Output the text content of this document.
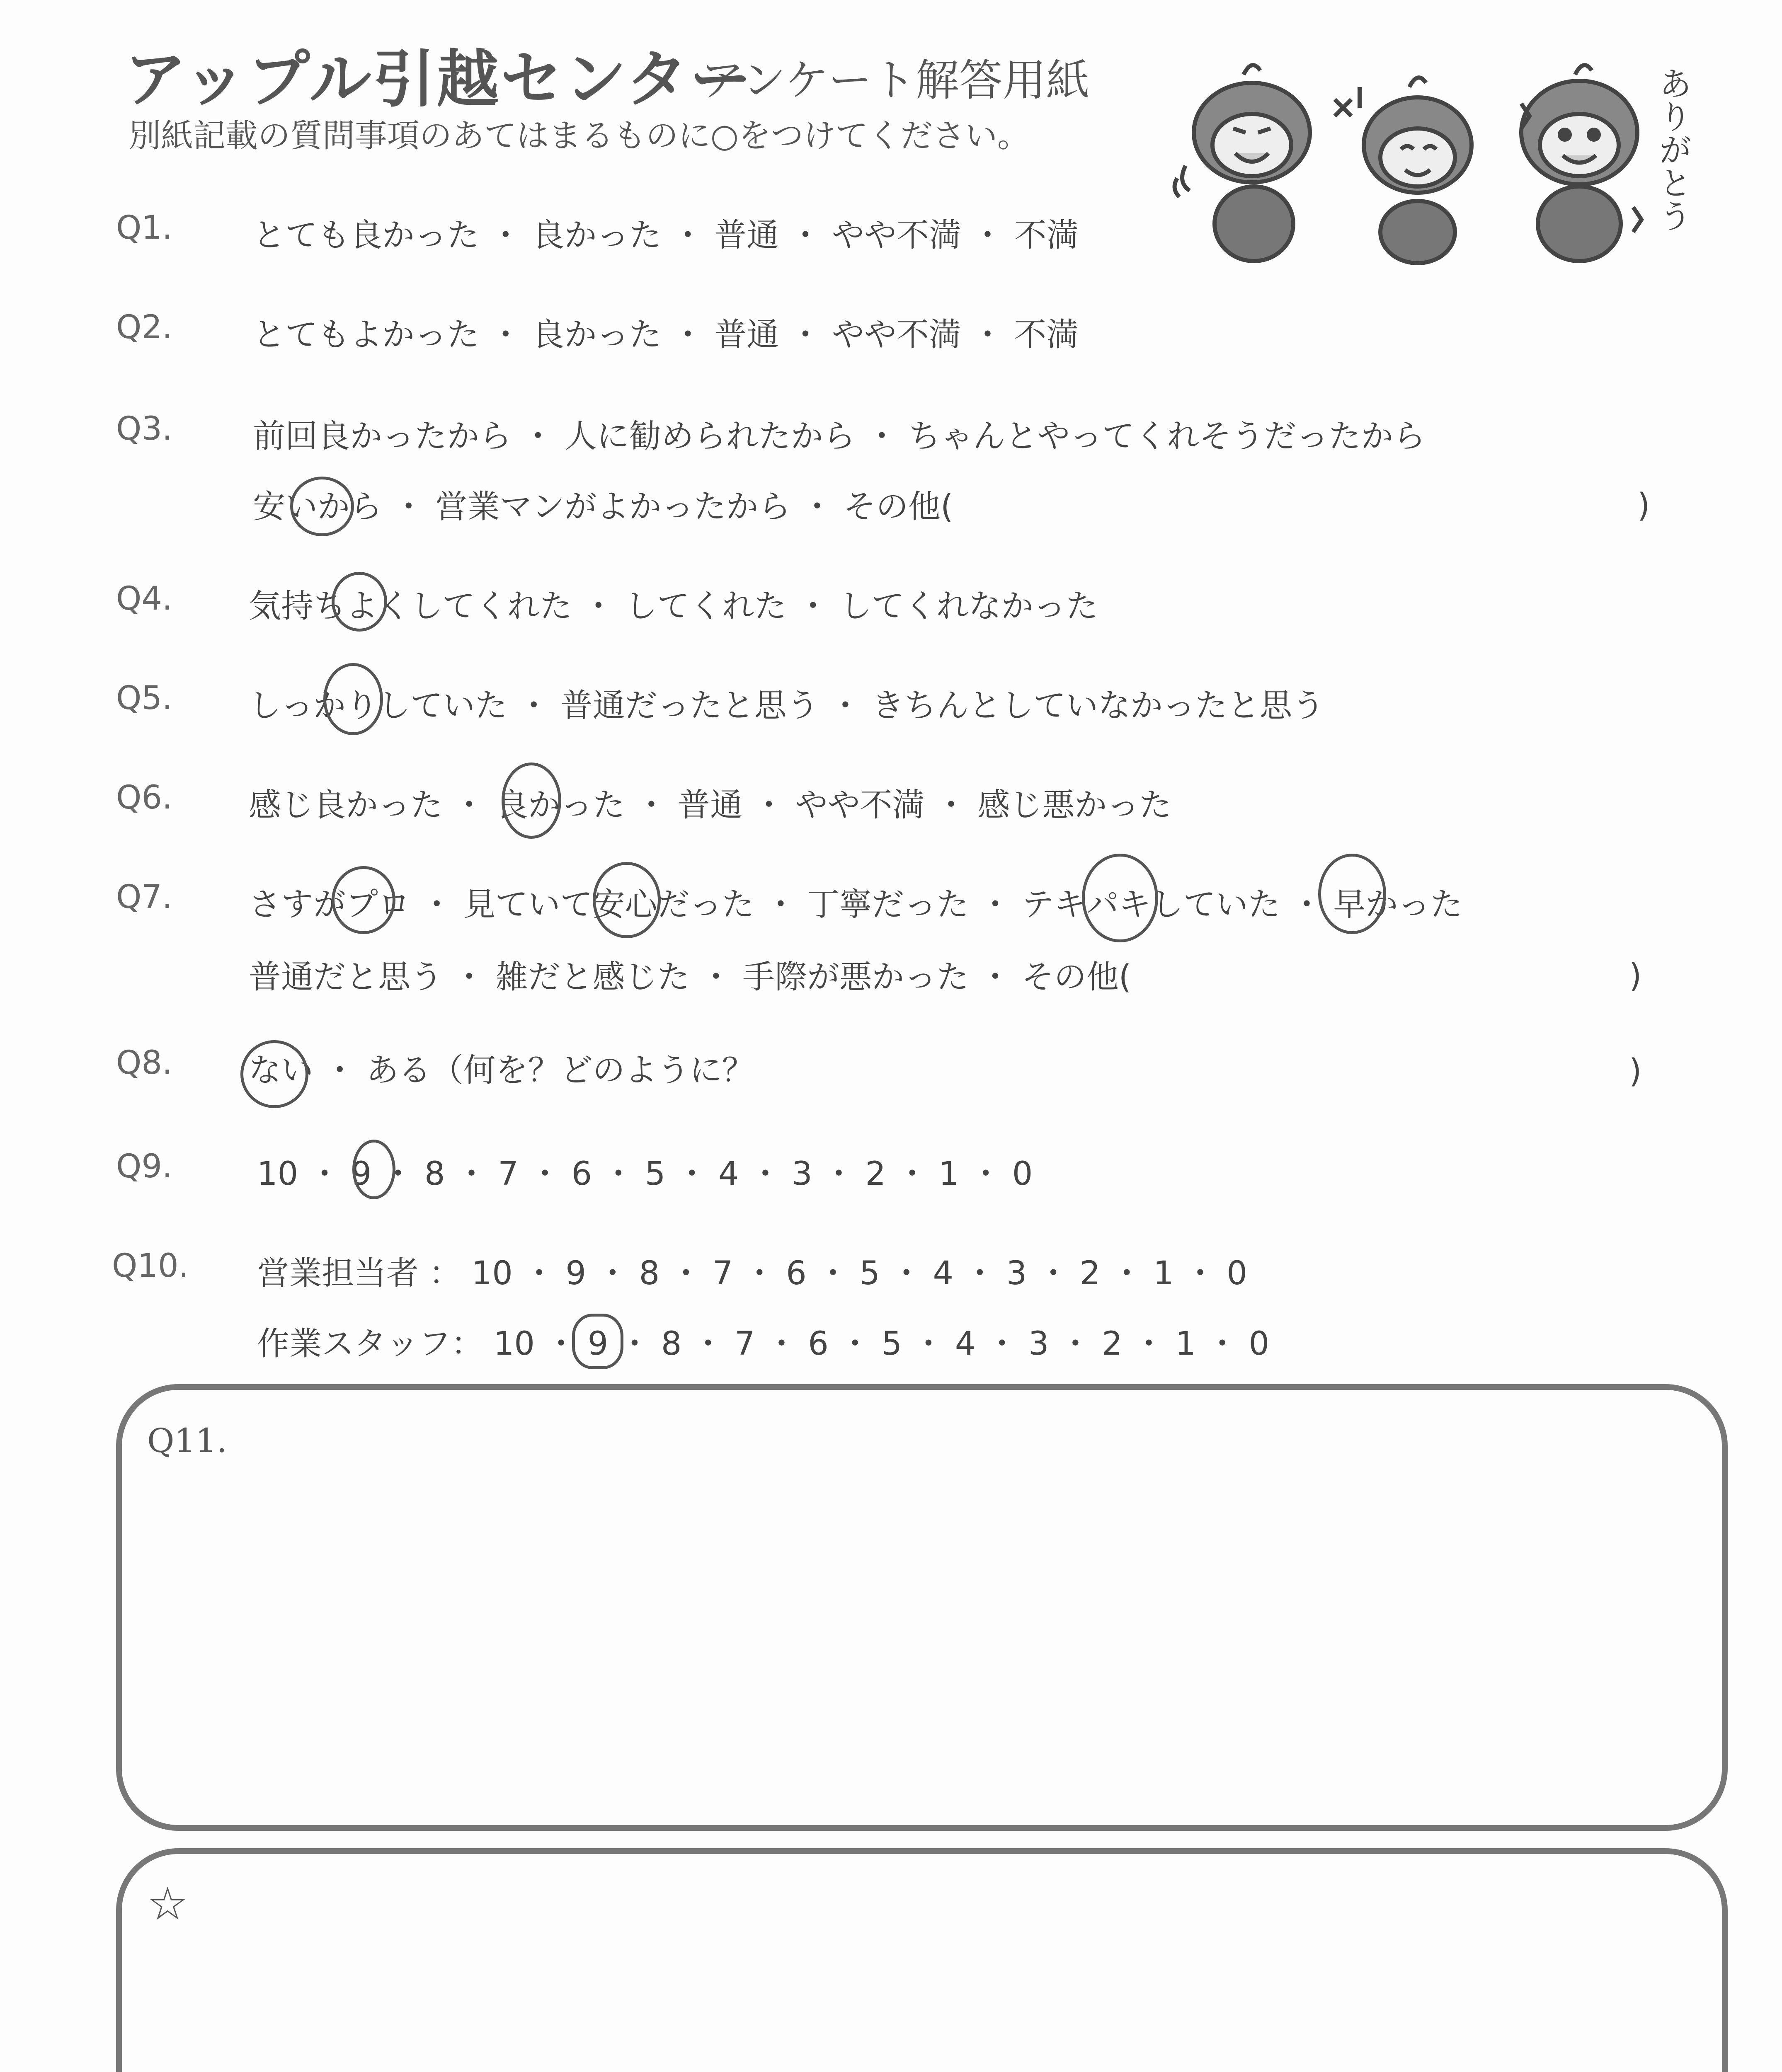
アップル引越センター
アンケート解答用紙
別紙記載の質問事項のあてはまるものに○をつけてください。	ありがとう
Q1. とても良かった ・ 良かった ・ 普通 ・ やや不満 ・ 不満
Q2. とてもよかった ・ 良かった ・ 普通 ・ やや不満 ・ 不満
Q3. 前回良かったから ・ 人に勧められたから ・ ちゃんとやってくれそうだったから
安いから ・ 営業マンがよかったから ・ その他(	)
Q4. 気持ちよくしてくれた ・ してくれた ・ してくれなかった
Q5. しっかりしていた ・ 普通だったと思う ・ きちんとしていなかったと思う
Q6. 感じ良かった ・ 良かった ・ 普通 ・ やや不満 ・ 感じ悪かった
Q7. さすがプロ ・ 見ていて安心だった ・ 丁寧だった ・ テキパキしていた ・ 早かった
普通だと思う ・ 雑だと感じた ・ 手際が悪かった ・ その他(	)
Q8. ない ・ ある（何を？どのように？	)
Q9.	10 ・ 9 ・ 8 ・ 7 ・ 6 ・ 5 ・ 4 ・ 3 ・ 2 ・ 1 ・ 0
Q10. 営業担当者 ： 10 ・ 9 ・ 8 ・ 7 ・ 6 ・ 5 ・ 4 ・ 3 ・ 2 ・ 1 ・ 0
作業スタッフ： 10 ・ 9 ・ 8 ・ 7 ・ 6 ・ 5 ・ 4 ・ 3 ・ 2 ・ 1 ・ 0
Q11.
☆
